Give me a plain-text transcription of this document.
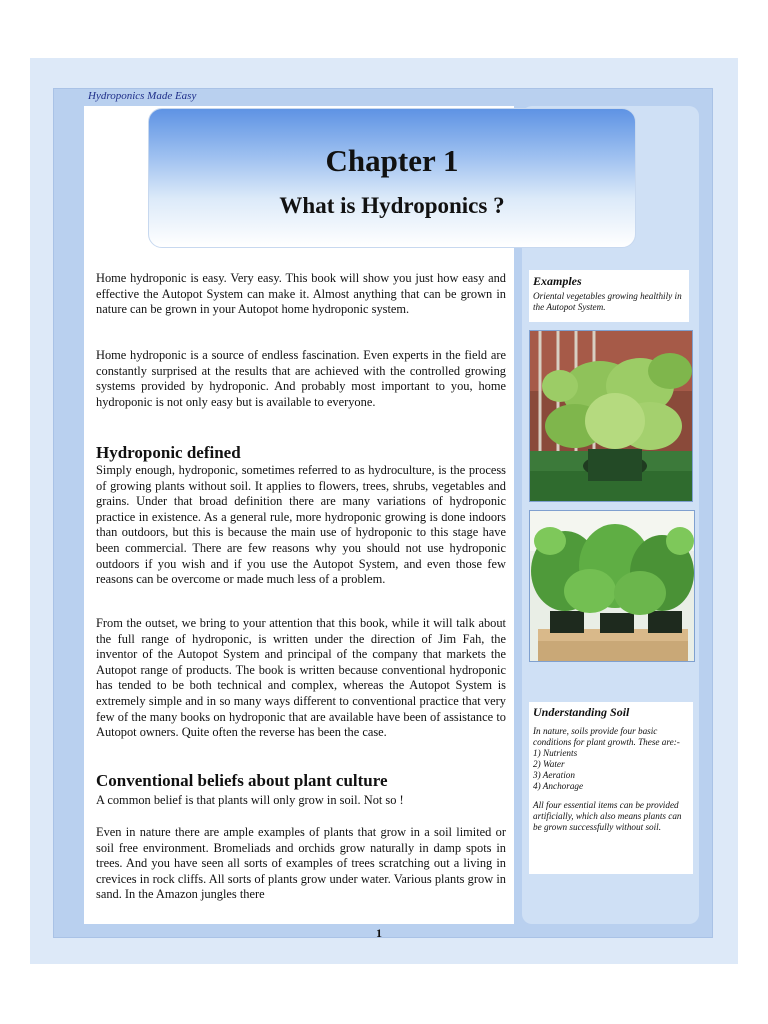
Hydroponics Made Easy
Chapter 1
What is Hydroponics ?

Home hydroponic is easy. Very easy. This book will show you just how easy and effective the Autopot System can make it. Almost anything that can be grown in nature can be grown in your Autopot home hydroponic system.

Home hydroponic is a source of endless fascination. Even experts in the field are constantly surprised at the results that are achieved with the controlled growing systems provided by hydroponic. And probably most important to you, home hydroponic is not only easy but is available to everyone.

Hydroponic defined

Simply enough, hydroponic, sometimes referred to as hydroculture, is the process of growing plants without soil. It applies to flowers, trees, shrubs, vegetables and grains. Under that broad definition there are many variations of hydroponic practice in existence. As a general rule, more hydroponic growing is done indoors than outdoors, but this is because the main use of hydroponic to this stage have been commercial. There are few reasons why you should not use hydroponic outdoors if you wish and if you use the Autopot System, and even those few reasons can be overcome or made much less of a problem.

From the outset, we bring to your attention that this book, while it will talk about the full range of hydroponic, is written under the direction of Jim Fah, the inventor of the Autopot System and principal of the company that markets the Autopot range of products. The book is written because conventional hydroponic has tended to be both technical and complex, whereas the Autopot System is extremely simple and in so many ways different to conventional practice that very few of the many books on hydroponic that are available have been of assistance to Autopot owners. Quite often the reverse has been the case.

Conventional beliefs about plant culture

A common belief is that plants will only grow in soil. Not so !

Even in nature there are ample examples of plants that grow in a soil limited or soil free environment. Bromeliads and orchids grow naturally in damp spots in trees. And you have seen all sorts of examples of trees scratching out a living in crevices in rock cliffs. All sorts of plants grow under water. Various plants grow in sand. In the Amazon jungles there

Examples

Oriental vegetables growing healthily in the Autopot System.

Understanding Soil

In nature, soils provide four basic conditions for plant growth. These are:-

1) Nutrients

2) Water

3) Aeration

4) Anchorage

All four essential items can be provided artificially, which also means plants can be grown successfully without soil.

1
